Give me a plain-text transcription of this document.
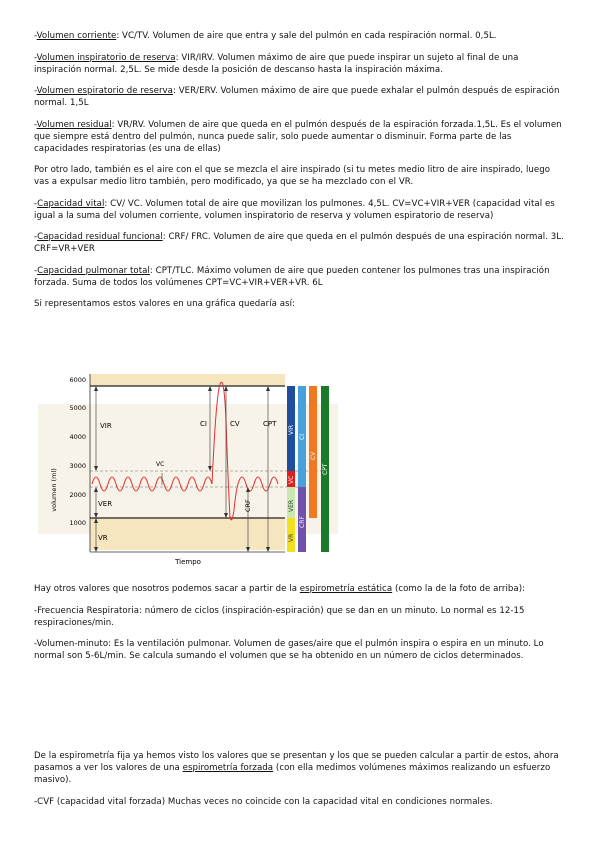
-Volumen corriente: VC/TV. Volumen de aire que entra y sale del pulmón en cada respiración normal. 0,5L.

-Volumen inspiratorio de reserva: VIR/IRV. Volumen máximo de aire que puede inspirar un sujeto al final de una inspiración normal. 2,5L. Se mide desde la posición de descanso hasta la inspiración máxima.

-Volumen espiratorio de reserva: VER/ERV. Volumen máximo de aire que puede exhalar el pulmón después de espiración normal. 1,5L

-Volumen residual: VR/RV. Volumen de aire que queda en el pulmón después de la espiración forzada.1,5L. Es el volumen que siempre está dentro del pulmón, nunca puede salir, solo puede aumentar o disminuir. Forma parte de las capacidades respiratorias (es una de ellas)

Por otro lado, también es el aire con el que se mezcla el aire inspirado (si tu metes medio litro de aire inspirado, luego vas a expulsar medio litro también, pero modificado, ya que se ha mezclado con el VR.

-Capacidad vital: CV/ VC. Volumen total de aire que movilizan los pulmones. 4,5L. CV=VC+VIR+VER (capacidad vital es igual a la suma del volumen corriente, volumen inspiratorio de reserva y volumen espiratorio de reserva)

-Capacidad residual funcional: CRF/ FRC. Volumen de aire que queda en el pulmón después de una espiración normal. 3L. CRF=VR+VER

-Capacidad pulmonar total: CPT/TLC. Máximo volumen de aire que pueden contener los pulmones tras una inspiración forzada. Suma de todos los volúmenes CPT=VC+VIR+VER+VR. 6L

Si representamos estos valores en una gráfica quedaría así:

6000
5000
4000
3000
2000
1000
volumen (ml)
Tiempo
VIR
VC
VER
VR
CI	CV	CPT
CRF
VIR
VC
VER
VR
CI
CRF
CV
CPT

Hay otros valores que nosotros podemos sacar a partir de la espirometría estática (como la de la foto de arriba):

-Frecuencia Respiratoria: número de ciclos (inspiración-espiración) que se dan en un minuto. Lo normal es 12-15 respiraciones/min.

-Volumen-minuto: Es la ventilación pulmonar. Volumen de gases/aire que el pulmón inspira o espira en un minuto. Lo normal son 5-6L/min. Se calcula sumando el volumen que se ha obtenido en un número de ciclos determinados.

De la espirometría fija ya hemos visto los valores que se presentan y los que se pueden calcular a partir de estos, ahora pasamos a ver los valores de una espirometría forzada (con ella medimos volúmenes máximos realizando un esfuerzo masivo).

-CVF (capacidad vital forzada) Muchas veces no coincide con la capacidad vital en condiciones normales.
